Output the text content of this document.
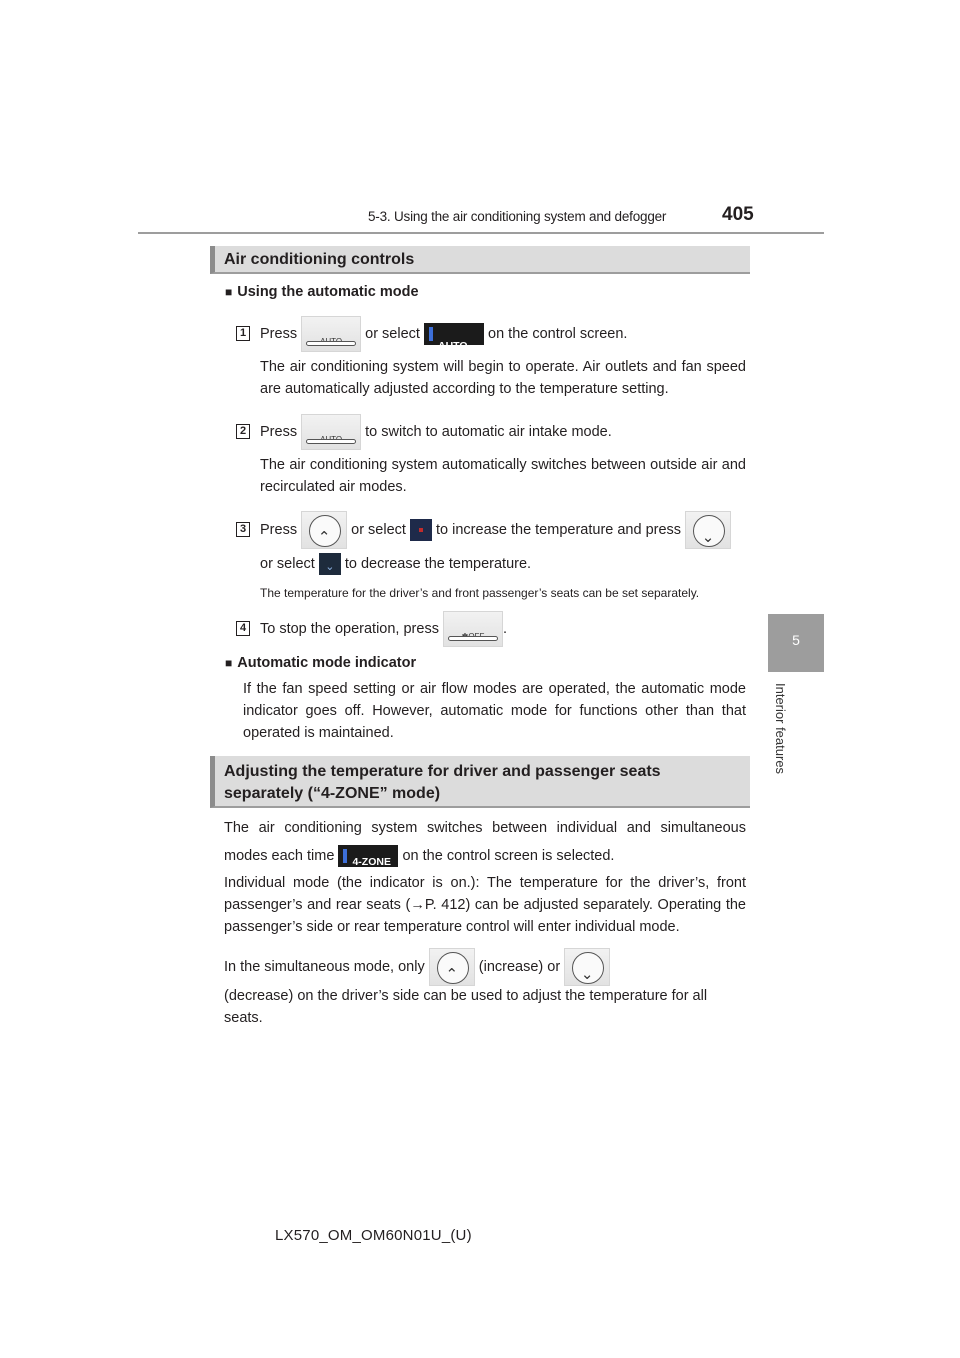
5-3. Using the air conditioning system and defogger	405
5
Interior features
Air conditioning controls
■ Using the automatic mode
1 Press	or select
AUTO
on the control screen.
The air conditioning system will begin to operate. Air outlets and fan speed are automatically adjusted according to the temperature setting.
2 Press	to switch to automatic air intake mode.
The air conditioning system automatically switches between outside air and recirculated air modes.
3 Press	⌃	or select to increase the temperature and press	⌄
or select ⌄ to decrease the temperature.
The temperature for the driver’s and front passenger’s seats can be set separately.
4 To stop the operation, press	.
■ Automatic mode indicator
If the fan speed setting or air flow modes are operated, the automatic mode indicator goes off. However, automatic mode for functions other than that operated is maintained.
Adjusting the temperature for driver and passenger seats separately (“4-ZONE” mode)
The air conditioning system switches between individual and simultaneous modes each time 4-ZONE on the control screen is selected.
Individual mode (the indicator is on.): The temperature for the driver’s, front passenger’s and rear seats (→P. 412) can be adjusted separately. Operating the passenger’s side or rear temperature control will enter individual mode.
In the simultaneous mode, only	⌃	(increase) or	⌄
(decrease) on the driver’s side can be used to adjust the temperature for all seats.
LX570_OM_OM60N01U_(U)
